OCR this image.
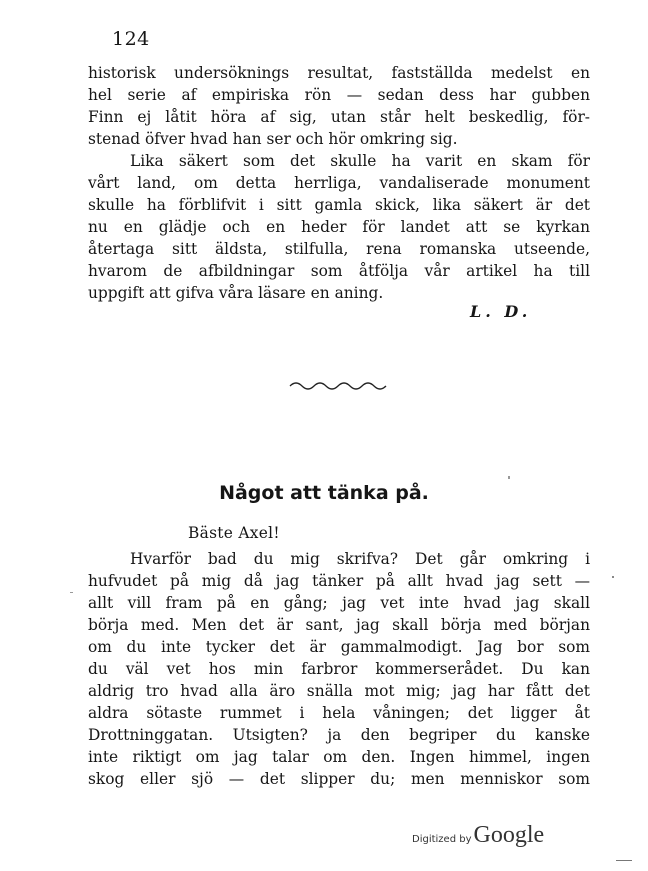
124
historisk undersöknings resultat, fastställda medelst en
hel serie af empiriska rön — sedan dess har gubben
Finn ej låtit höra af sig, utan står helt beskedlig, för-
stenad öfver hvad han ser och hör omkring sig.
Lika säkert som det skulle ha varit en skam för
vårt land, om detta herrliga, vandaliserade monument
skulle ha förblifvit i sitt gamla skick, lika säkert är det
nu en glädje och en heder för landet att se kyrkan
återtaga sitt äldsta, stilfulla, rena romanska utseende,
hvarom de afbildningar som åtfölja vår artikel ha till
uppgift att gifva våra läsare en aning.
L. D.
Något att tänka på.
Bäste Axel!
Hvarför bad du mig skrifva? Det går omkring i
hufvudet på mig då jag tänker på allt hvad jag sett —
allt vill fram på en gång; jag vet inte hvad jag skall
börja med. Men det är sant, jag skall börja med början
om du inte tycker det är gammalmodigt. Jag bor som
du väl vet hos min farbror kommerserådet. Du kan
aldrig tro hvad alla äro snälla mot mig; jag har fått det
aldra sötaste rummet i hela våningen; det ligger åt
Drottninggatan. Utsigten? ja den begriper du kanske
inte riktigt om jag talar om den. Ingen himmel, ingen
skog eller sjö — det slipper du; men menniskor som
Digitized by Google
